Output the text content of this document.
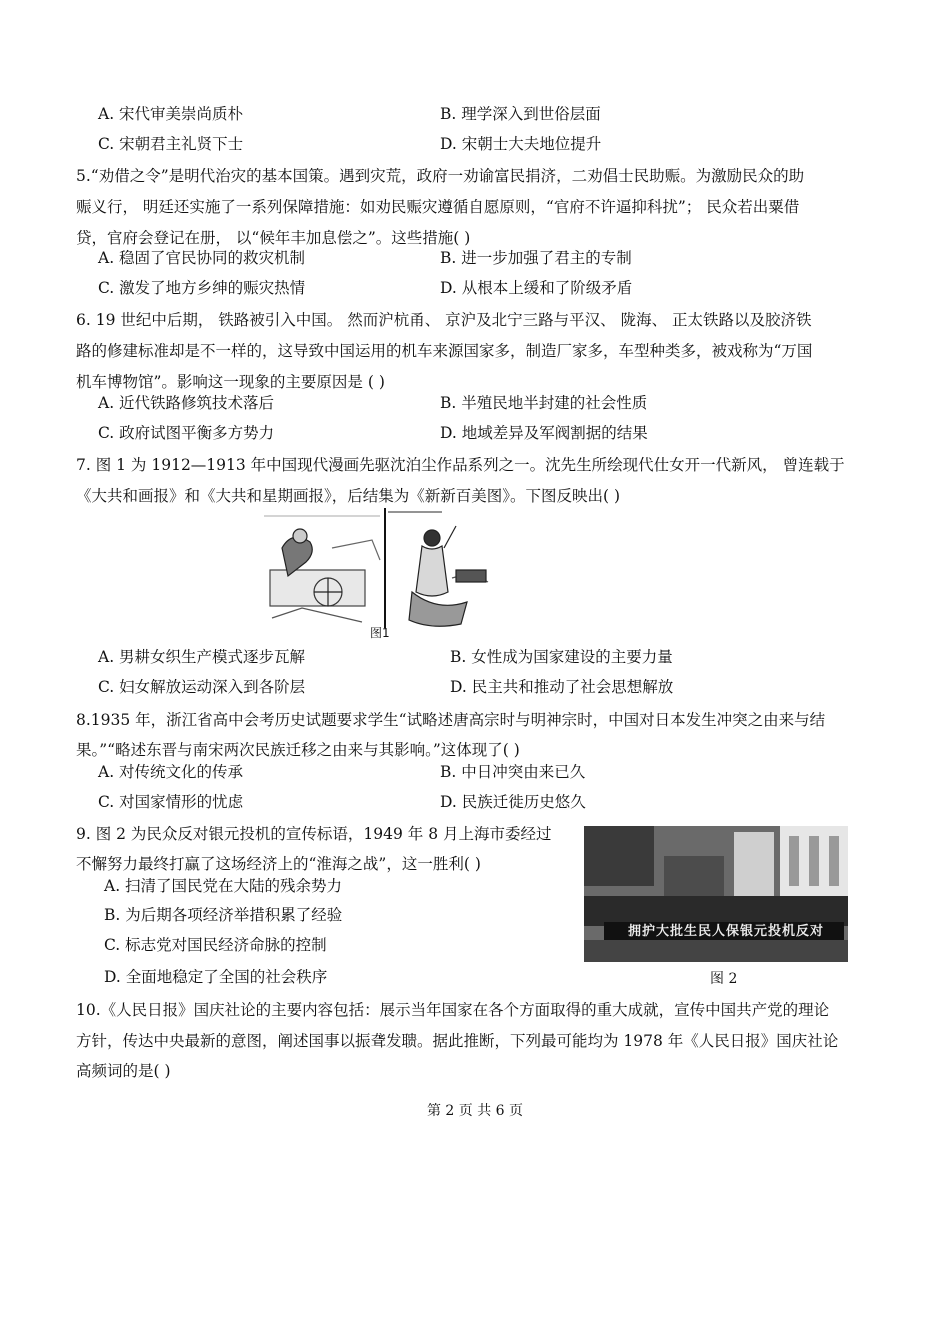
A. 宋代审美崇尚质朴	B. 理学深入到世俗层面
C. 宋朝君主礼贤下士	D. 宋朝士大夫地位提升
5.“劝借之令”是明代治灾的基本国策。遇到灾荒，政府一劝谕富民捐济，二劝倡士民助赈。为激励民众的助
赈义行， 明廷还实施了一系列保障措施：如劝民赈灾遵循自愿原则，“官府不许逼抑科扰”； 民众若出粟借
贷，官府会登记在册， 以“候年丰加息偿之”。这些措施( )
A. 稳固了官民协同的救灾机制	B. 进一步加强了君主的专制
C. 激发了地方乡绅的赈灾热情	D. 从根本上缓和了阶级矛盾
6. 19 世纪中后期， 铁路被引入中国。 然而沪杭甬、 京沪及北宁三路与平汉、 陇海、 正太铁路以及胶济铁
路的修建标准却是不一样的，这导致中国运用的机车来源国家多，制造厂家多，车型种类多，被戏称为“万国
机车博物馆”。影响这一现象的主要原因是 ( )
A. 近代铁路修筑技术落后	B. 半殖民地半封建的社会性质
C. 政府试图平衡多方势力	D. 地域差异及军阀割据的结果
7. 图 1 为 1912—1913 年中国现代漫画先驱沈泊尘作品系列之一。沈先生所绘现代仕女开一代新风， 曾连载于
《大共和画报》和《大共和星期画报》，后结集为《新新百美图》。下图反映出( )
图1
A. 男耕女织生产模式逐步瓦解	B. 女性成为国家建设的主要力量
C. 妇女解放运动深入到各阶层	D. 民主共和推动了社会思想解放
8.1935 年，浙江省高中会考历史试题要求学生“试略述唐高宗时与明神宗时，中国对日本发生冲突之由来与结
果。”“略述东晋与南宋两次民族迁移之由来与其影响。”这体现了( )
A. 对传统文化的传承	B. 中日冲突由来已久
C. 对国家情形的忧虑	D. 民族迁徙历史悠久
9. 图 2 为民众反对银元投机的宣传标语，1949 年 8 月上海市委经过
不懈努力最终打赢了这场经济上的“淮海之战”，这一胜利( )
A. 扫清了国民党在大陆的残余势力
B. 为后期各项经济举措积累了经验
C. 标志党对国民经济命脉的控制
D. 全面地稳定了全国的社会秩序
拥护大批生民人保银元投机反对
图 2
10.《人民日报》国庆社论的主要内容包括：展示当年国家在各个方面取得的重大成就，宣传中国共产党的理论
方针，传达中央最新的意图，阐述国事以振聋发聩。据此推断，下列最可能均为 1978 年《人民日报》国庆社论
高频词的是( )
第 2 页 共 6 页
